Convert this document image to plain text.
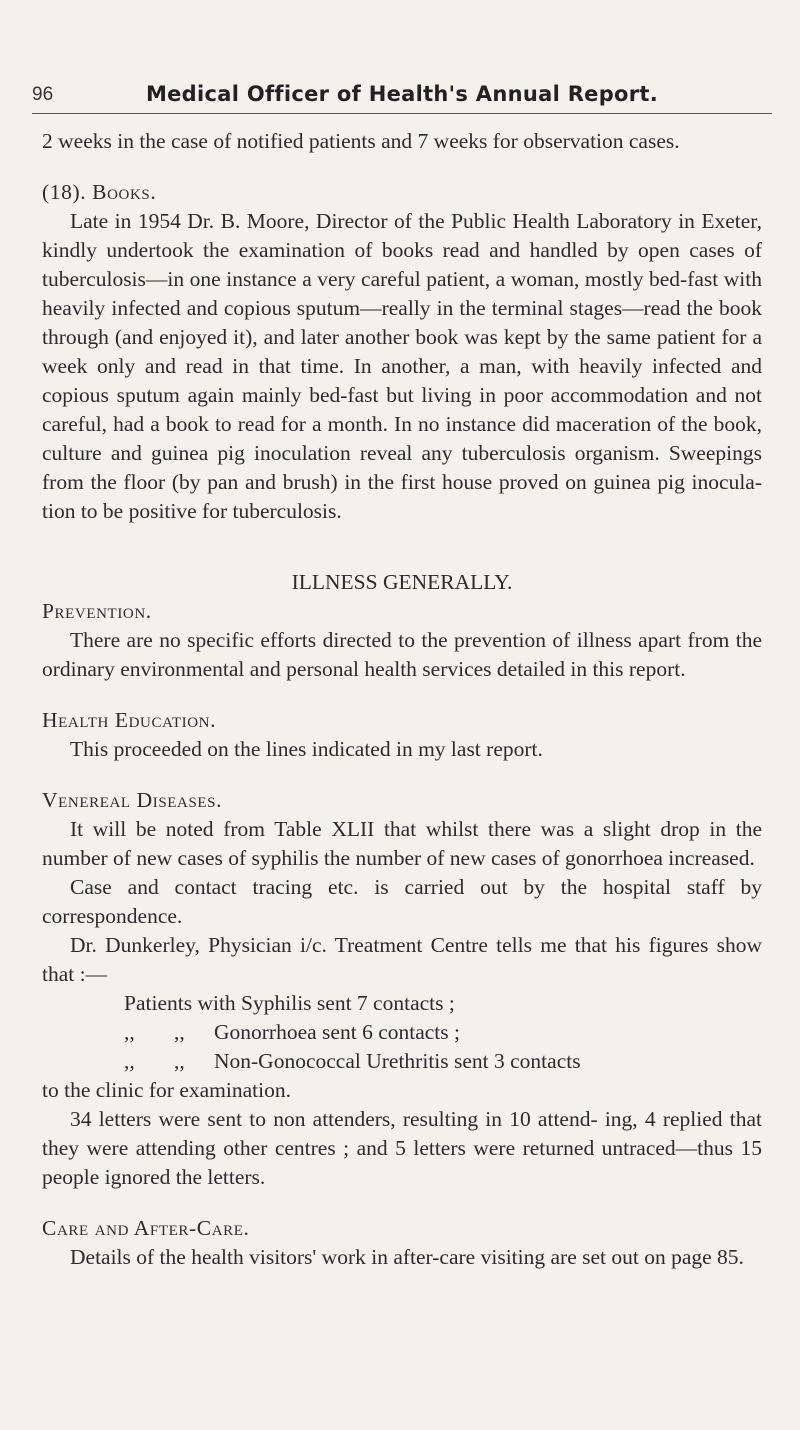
96	Medical Officer of Health's Annual Report.

2 weeks in the case of notified patients and 7 weeks for observation cases.

(18). Books.

Late in 1954 Dr. B. Moore, Director of the Public Health Laboratory in Exeter, kindly undertook the examination of books read and handled by open cases of tuberculosis—in one instance a very careful patient, a woman, mostly bed-fast with heavily infected and copious sputum—really in the terminal stages—read the book through (and enjoyed it), and later another book was kept by the same patient for a week only and read in that time. In another, a man, with heavily infected and copious sputum again mainly bed-fast but living in poor accommodation and not careful, had a book to read for a month. In no instance did maceration of the book, culture and guinea pig inoculation reveal any tuberculosis organism. Sweepings from the floor (by pan and brush) in the first house proved on guinea pig inocula- tion to be positive for tuberculosis.

ILLNESS GENERALLY.

Prevention.

There are no specific efforts directed to the prevention of illness apart from the ordinary environmental and personal health services detailed in this report.

Health Education.

This proceeded on the lines indicated in my last report.

Venereal Diseases.

It will be noted from Table XLII that whilst there was a slight drop in the number of new cases of syphilis the number of new cases of gonorrhoea increased.

Case and contact tracing etc. is carried out by the hospital staff by correspondence.

Dr. Dunkerley, Physician i/c. Treatment Centre tells me that his figures show that :—

Patients with Syphilis sent 7 contacts ;

,, ,, Gonorrhoea sent 6 contacts ;

,, ,, Non-Gonococcal Urethritis sent 3 contacts

to the clinic for examination.

34 letters were sent to non attenders, resulting in 10 attend- ing, 4 replied that they were attending other centres ; and 5 letters were returned untraced—thus 15 people ignored the letters.

Care and After-Care.

Details of the health visitors' work in after-care visiting are set out on page 85.
